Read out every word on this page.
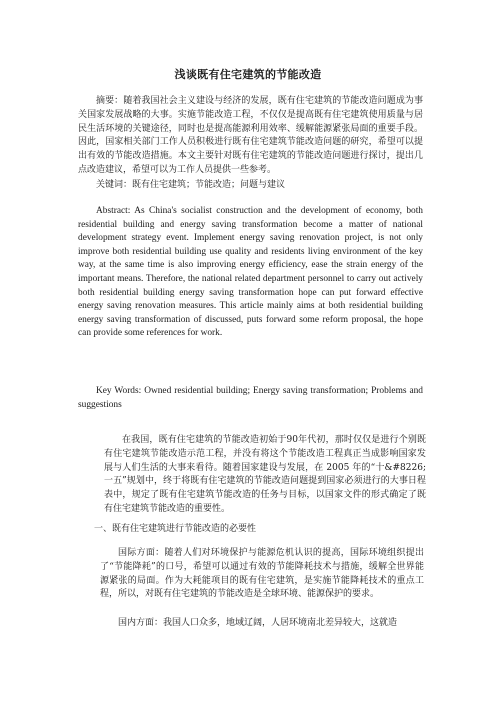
浅谈既有住宅建筑的节能改造

摘要：随着我国社会主义建设与经济的发展，既有住宅建筑的节能改造问题成为事关国家发展战略的大事。实施节能改造工程，不仅仅是提高既有住宅建筑使用质量与居民生活环境的关键途径，同时也是提高能源利用效率、缓解能源紧张局面的重要手段。因此，国家相关部门工作人员积极进行既有住宅建筑节能改造问题的研究，希望可以提出有效的节能改造措施。本文主要针对既有住宅建筑的节能改造问题进行探讨，提出几点改造建议，希望可以为工作人员提供一些参考。

关键词：既有住宅建筑；节能改造；问题与建议

Abstract: As China's socialist construction and the development of economy, both residential building and energy saving transformation become a matter of national development strategy event. Implement energy saving renovation project, is not only improve both residential building use quality and residents living environment of the key way, at the same time is also improving energy efficiency, ease the strain energy of the important means. Therefore, the national related department personnel to carry out actively both residential building energy saving transformation hope can put forward effective energy saving renovation measures. This article mainly aims at both residential building energy saving transformation of discussed, puts forward some reform proposal, the hope can provide some references for work.

Key Words: Owned residential building; Energy saving transformation; Problems and suggestions

在我国，既有住宅建筑的节能改造初始于90年代初，那时仅仅是进行个别既有住宅建筑节能改造示范工程，并没有将这个节能改造工程真正当成影响国家发展与人们生活的大事来看待。随着国家建设与发展，在 2005 年的“十&#8226;一五”规划中，终于将既有住宅建筑的节能改造问题提到国家必须进行的大事日程表中，规定了既有住宅建筑节能改造的任务与目标，以国家文件的形式确定了既有住宅建筑节能改造的重要性。

一、既有住宅建筑进行节能改造的必要性

国际方面：随着人们对环境保护与能源危机认识的提高，国际环境组织提出了“节能降耗”的口号，希望可以通过有效的节能降耗技术与措施，缓解全世界能源紧张的局面。作为大耗能项目的既有住宅建筑，是实施节能降耗技术的重点工程，所以，对既有住宅建筑的节能改造是全球环境、能源保护的要求。

国内方面：我国人口众多，地域辽阔，人居环境南北差异较大，这就造
